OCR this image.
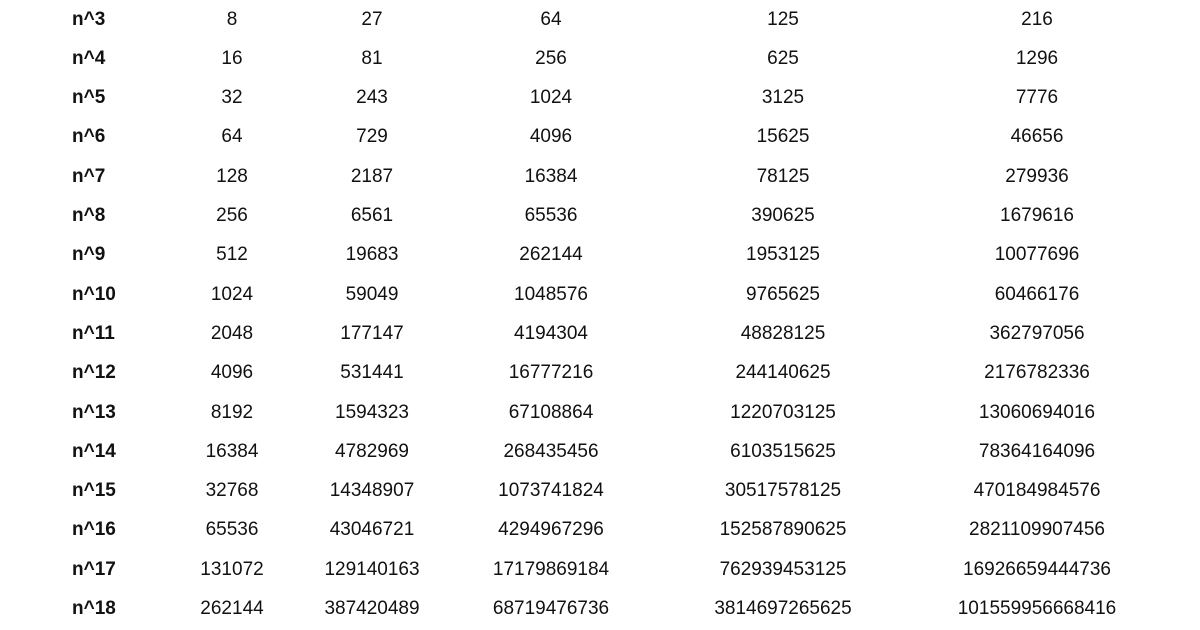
n^3	8	27	64	125	216
n^4	16	81	256	625	1296
n^5	32	243	1024	3125	7776
n^6	64	729	4096	15625	46656
n^7	128	2187	16384	78125	279936
n^8	256	6561	65536	390625	1679616
n^9	512	19683	262144	1953125	10077696
n^10	1024	59049	1048576	9765625	60466176
n^11	2048	177147	4194304	48828125	362797056
n^12	4096	531441	16777216	244140625	2176782336
n^13	8192	1594323	67108864	1220703125	13060694016
n^14	16384	4782969	268435456	6103515625	78364164096
n^15	32768	14348907	1073741824	30517578125	470184984576
n^16	65536	43046721	4294967296	152587890625	2821109907456
n^17	131072	129140163	17179869184	762939453125	16926659444736
n^18	262144	387420489	68719476736	3814697265625	101559956668416
